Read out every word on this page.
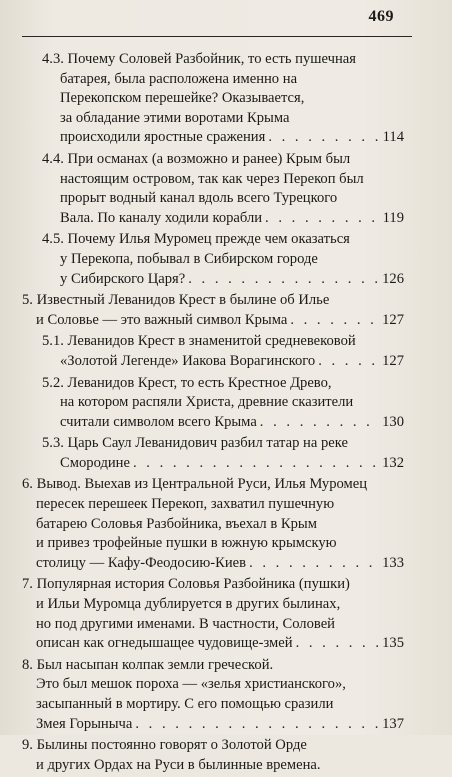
469
4.3. Почему Соловей Разбойник, то есть пушечная
батарея, была расположена именно на
Перекопском перешейке? Оказывается,
за обладание этими воротами Крыма
происходили яростные сражения . . .	114
4.4. При османах (а возможно и ранее) Крым был
настоящим островом, так как через Перекоп был
прорыт водный канал вдоль всего Турецкого
Вала. По каналу ходили корабли . . .	119
4.5. Почему Илья Муромец прежде чем оказаться
у Перекопа, побывал в Сибирском городе
у Сибирского Царя? . . .	126
5. Известный Леванидов Крест в былине об Илье
и Соловье — это важный символ Крыма . . .	127
5.1. Леванидов Крест в знаменитой средневековой
«Золотой Легенде» Иакова Ворагинского . . .	127
5.2. Леванидов Крест, то есть Крестное Древо,
на котором распяли Христа, древние сказители
считали символом всего Крыма . . .	130
5.3. Царь Саул Леванидович разбил татар на реке
Смородине . . .	132
6. Вывод. Выехав из Центральной Руси, Илья Муромец
пересек перешеек Перекоп, захватил пушечную
батарею Соловья Разбойника, въехал в Крым
и привез трофейные пушки в южную крымскую
столицу — Кафу-Феодосию-Киев . . .	133
7. Популярная история Соловья Разбойника (пушки)
и Ильи Муромца дублируется в других былинах,
но под другими именами. В частности, Соловей
описан как огнедышащее чудовище-змей . . .	135
8. Был насыпан колпак земли греческой.
Это был мешок пороха — «зелья христианского»,
засыпанный в мортиру. С его помощью сразили
Змея Горыныча . . .	137
9. Былины постоянно говорят о Золотой Орде
и других Ордах на Руси в былинные времена.
